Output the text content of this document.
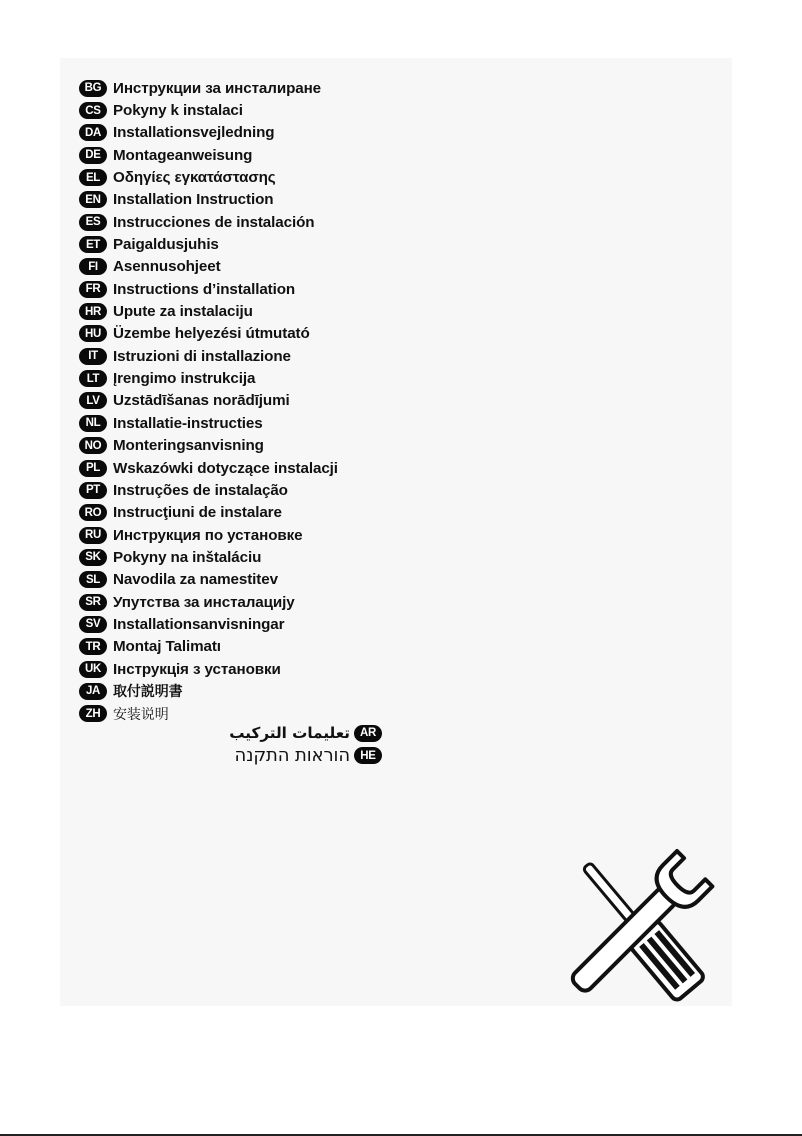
BG Инструкции за инсталиране
CS Pokyny k instalaci
DA Installationsvejledning
DE Montageanweisung
EL Οδηγίες εγκατάστασης
EN Installation Instruction
ES Instrucciones de instalación
ET Paigaldusjuhis
FI Asennusohjeet
FR Instructions d’installation
HR Upute za instalaciju
HU Üzembe helyezési útmutató
IT Istruzioni di installazione
LT Įrengimo instrukcija
LV Uzstādīšanas norādījumi
NL Installatie-instructies
NO Monteringsanvisning
PL Wskazówki dotyczące instalacji
PT Instruções de instalação
RO Instrucţiuni de instalare
RU Инструкция по установке
SK Pokyny na inštaláciu
SL Navodila za namestitev
SR Упутства за инсталацију
SV Installationsanvisningar
TR Montaj Talimatı
UK Інструкція з установки
JA 取付説明書
ZH 安装说明
تعليمات التركيب AR
הוראות התקנה HE
